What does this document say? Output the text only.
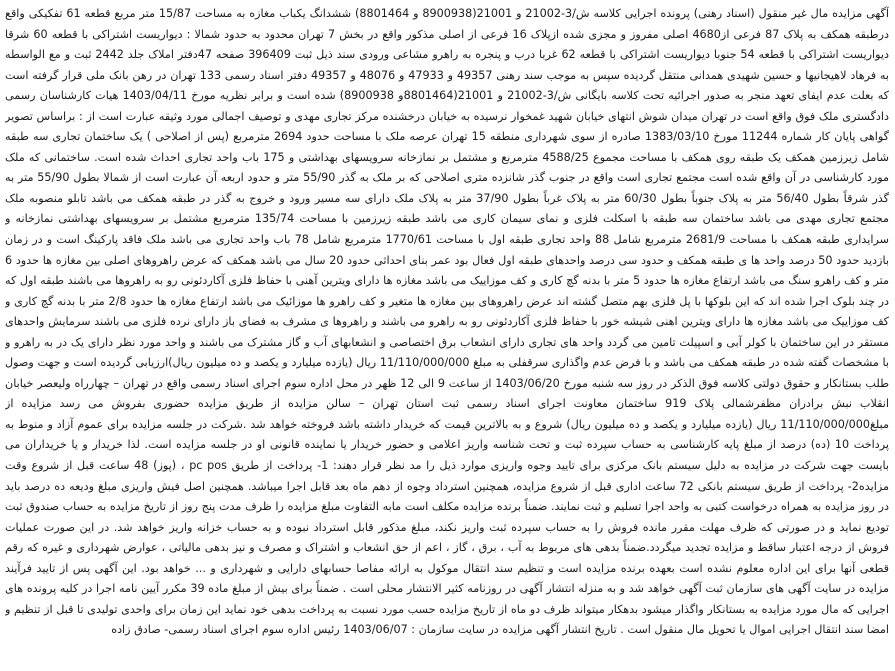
آگهی مزایده مال غیر منقول (اسناد رهنی) پرونده اجرایی کلاسه ش/3-21002 و 21001(8900938 و 8801464) ششدانگ یکباب مغازه به مساحت 15/87 متر مربع قطعه 61 تفکیکی واقع درطبقه همکف به پلاک 87 فرعی از4680 اصلی مفروز و مجزی شده ازپلاک 16 فرعی از اصلی مذکور واقع در بخش 7 تهران محدود به حدود شمالا : دیواریست اشتراکی با قطعه 60 شرقا دیواریست اشتراکی با قطعه 54 جنوبا دیواریست اشتراکی با قطعه 62 غربا درب و پنجره به راهرو مشاعی ورودی سند ذیل ثبت 396409 صفحه 47دفتر املاک جلد 2442 ثبت و مع الواسطه به فرهاد لاهیجانیها و حسین شهیدی همدانی منتقل گردیده سپس به موجب سند رهنی 49357 و 47933 و 48076 و 49357 دفتر اسناد رسمی 133 تهران در رهن بانک ملی قرار گرفته است که بعلت عدم ایفای تعهد منجر به صدور اجرائیه تحت کلاسه بایگانی ش/3-21002 و 21001(8801464و 8900938) شده است و برابر نظریه مورخ 1403/04/11 هیات کارشناسان رسمی دادگستری ملک فوق واقع است در تهران میدان شوش انتهای خیابان شهید غمخوار نرسیده به خیابان درخشنده مرکز تجاری مهدی و توصیف اجمالی مورد وثیقه عبارت است از : براساس تصویر گواهی پایان کار شماره 11244 مورخ 1383/03/10 صادره از سوی شهرداری منطقه 15 تهران عرصه ملک با مساحت حدود 2694 مترمربع (پس از اصلاحی ) یک ساختمان تجاری سه طبقه شامل زیرزمین همکف یک طبقه روی همکف با مساحت مجموع 4588/25 مترمربع و مشتمل بر نمازخانه سرویسهای بهداشتی و 175 باب واحد تجاری احداث شده است. ساختمانی که ملک مورد کارشناسی در آن واقع شده است مجتمع تجاری است واقع در جنوب گذر شانزده متری اصلاحی که بر ملک به گذر 55/90 متر و حدود اربعه آن عبارت است از شمالا بطول 55/90 متر به گذر شرقاً بطول 56/40 متر به پلاک جنوباً بطول 60/30 متر به پلاک غرباً بطول 37/90 متر به پلاک ملک دارای سه مسیر ورود و خروج به گذر در طبقه همکف می باشد تابلو منصوبه ملک مجتمع تجاری مهدی می باشد ساختمان سه طبقه با اسکلت فلزی و نمای سیمان کاری می باشد طبقه زیرزمین با مساحت 135/74 مترمربع مشتمل بر سرویسهای بهداشتی نمازخانه و سرایداری طبقه همکف با مساحت 2681/9 مترمربع شامل 88 واحد تجاری طبقه اول با مساحت 1770/61 مترمربع شامل 78 باب واحد تجاری می باشد ملک فاقد پارکینگ است و در زمان بازدید حدود 50 درصد واحد ها ی طبقه همکف و حدود سی درصد واحدهای طبقه اول فعال بود عمر بنای احداثی حدود 20 سال می باشد همکف که عرض راهروهای اصلی بین مغازه ها حدود 6 متر و کف راهرو سنگ می باشد ارتفاع مغازه ها حدود 5 متر با بدنه گچ کاری و کف موزاییک می باشد مغازه ها دارای ویترین آهنی با حفاظ فلزی آکاردئونی رو به راهروها می باشند طبقه اول که در چند بلوک اجرا شده اند که این بلوکها با پل فلزی بهم متصل گشته اند عرض راهروهای بین مغازه ها متغیر و کف راهرو ها موزائیک می باشد ارتفاع مغازه ها حدود 2/8 متر با بدنه گچ کاری و کف موزاییک می باشد مغازه ها دارای ویترین اهنی شیشه خور با حفاظ فلزی آکاردئونی رو به راهرو می باشند و راهروها ی مشرف به فضای باز دارای نرده فلزی می باشند سرمایش واحدهای مستقر در این ساختمان با کولر آبی و اسپیلت تامین می گردد واحد های تجاری دارای انشعاب برق اختصاصی و انشعابهای آب و گاز مشترک می باشند و واحد مورد نظر دارای یک در به راهرو و با مشخصات گفته شده در طبقه همکف می باشد و با فرض عدم واگذاری سرقفلی به مبلغ 11/110/000/000 ریال (یازده میلیارد و یکصد و ده میلیون ریال)ارزیابی گردیده است و جهت وصول طلب بستانکار و حقوق دولتی کلاسه فوق الذکر در روز سه شنبه مورخ 1403/06/20 از ساعت 9 الی 12 ظهر در محل اداره سوم اجرای اسناد رسمی واقع در تهران – چهارراه ولیعصر خیابان انقلاب نبش برادران مظفرشمالی پلاک 919 ساختمان معاونت اجرای اسناد رسمی ثبت استان تهران – سالن مزایده از طریق مزایده حضوری بفروش می رسد مزایده از مبلغ11/110/000/000 ریال (یازده میلیارد و یکصد و ده میلیون ریال) شروع و به بالاترین قیمت که خریدار داشته باشد فروخته خواهد شد .شرکت در جلسه مزایده برای عموم آزاد و منوط به پرداخت 10 (ده) درصد از مبلغ پایه کارشناسی به حساب سپرده ثبت و تحت شناسه واریز اعلامی و حضور خریدار یا نماینده قانونی او در جلسه مزایده است. لذا خریدار و یا خریداران می بایست جهت شرکت در مزایده به دلیل سیستم بانک مرکزی برای تایید وجوه واریزی موارد ذیل را مد نظر قرار دهند: 1- پرداخت از طریق pc pos ، (پوز) 48 ساعت قبل از شروع وقت مزایده2- پرداخت از طریق سیستم بانکی 72 ساعت اداری قبل از شروع مزایده، همچنین استرداد وجوه از دهم ماه بعد قابل اجرا میباشد. همچنین اصل فیش واریزی مبلغ ودیعه ده درصد باید در روز مزایده به همراه درخواست کتبی به واحد اجرا تسلیم و ثبت نمایند. ضمناً برنده مزایده مکلف است مابه التفاوت مبلغ مزایده را ظرف مدت پنج روز از تاریخ مزایده به حساب صندوق ثبت تودیع نماید و در صورتی که ظرف مهلت مقرر مانده فروش را به حساب سپرده ثبت واریز نکند، مبلغ مذکور قابل استرداد نبوده و به حساب خزانه واریز خواهد شد. در این صورت عملیات فروش از درجه اعتبار ساقط و مزایده تجدید میگردد.ضمناً بدهی های مربوط به آب ، برق ، گاز ، اعم از حق انشعاب و اشتراک و مصرف و نیز بدهی مالیاتی ، عوارض شهرداری و غیره که رقم قطعی آنها برای این اداره معلوم نشده است بعهده برنده مزایده است و تنظیم سند انتقال موکول به ارائه مفاصا حسابهای دارایی و شهرداری و ... خواهد بود. این آگهی پس از تایید فرآیند مزایده در سایت آگهی های سازمان ثبت آگهی خواهد شد و به منزله انتشار آگهی در روزنامه کثیر الانتشار محلی است . ضمناً برای بیش از مبلغ ماده 39 مکرر آیین نامه اجرا در کلیه پرونده های اجرایی که مال مورد مزایده به بستانکار واگذار میشود بدهکار میتواند ظرف دو ماه از تاریخ مزایده حسب مورد نسبت به پرداخت بدهی خود نماید این زمان برای واحدی تولیدی تا قبل از تنظیم و امضا سند انتقال اجرایی اموال یا تحویل مال منقول است . تاریخ انتشار آگهی مزایده در سایت سازمان : 1403/06/07 رئیس اداره سوم اجرای اسناد رسمی- صادق زاده
